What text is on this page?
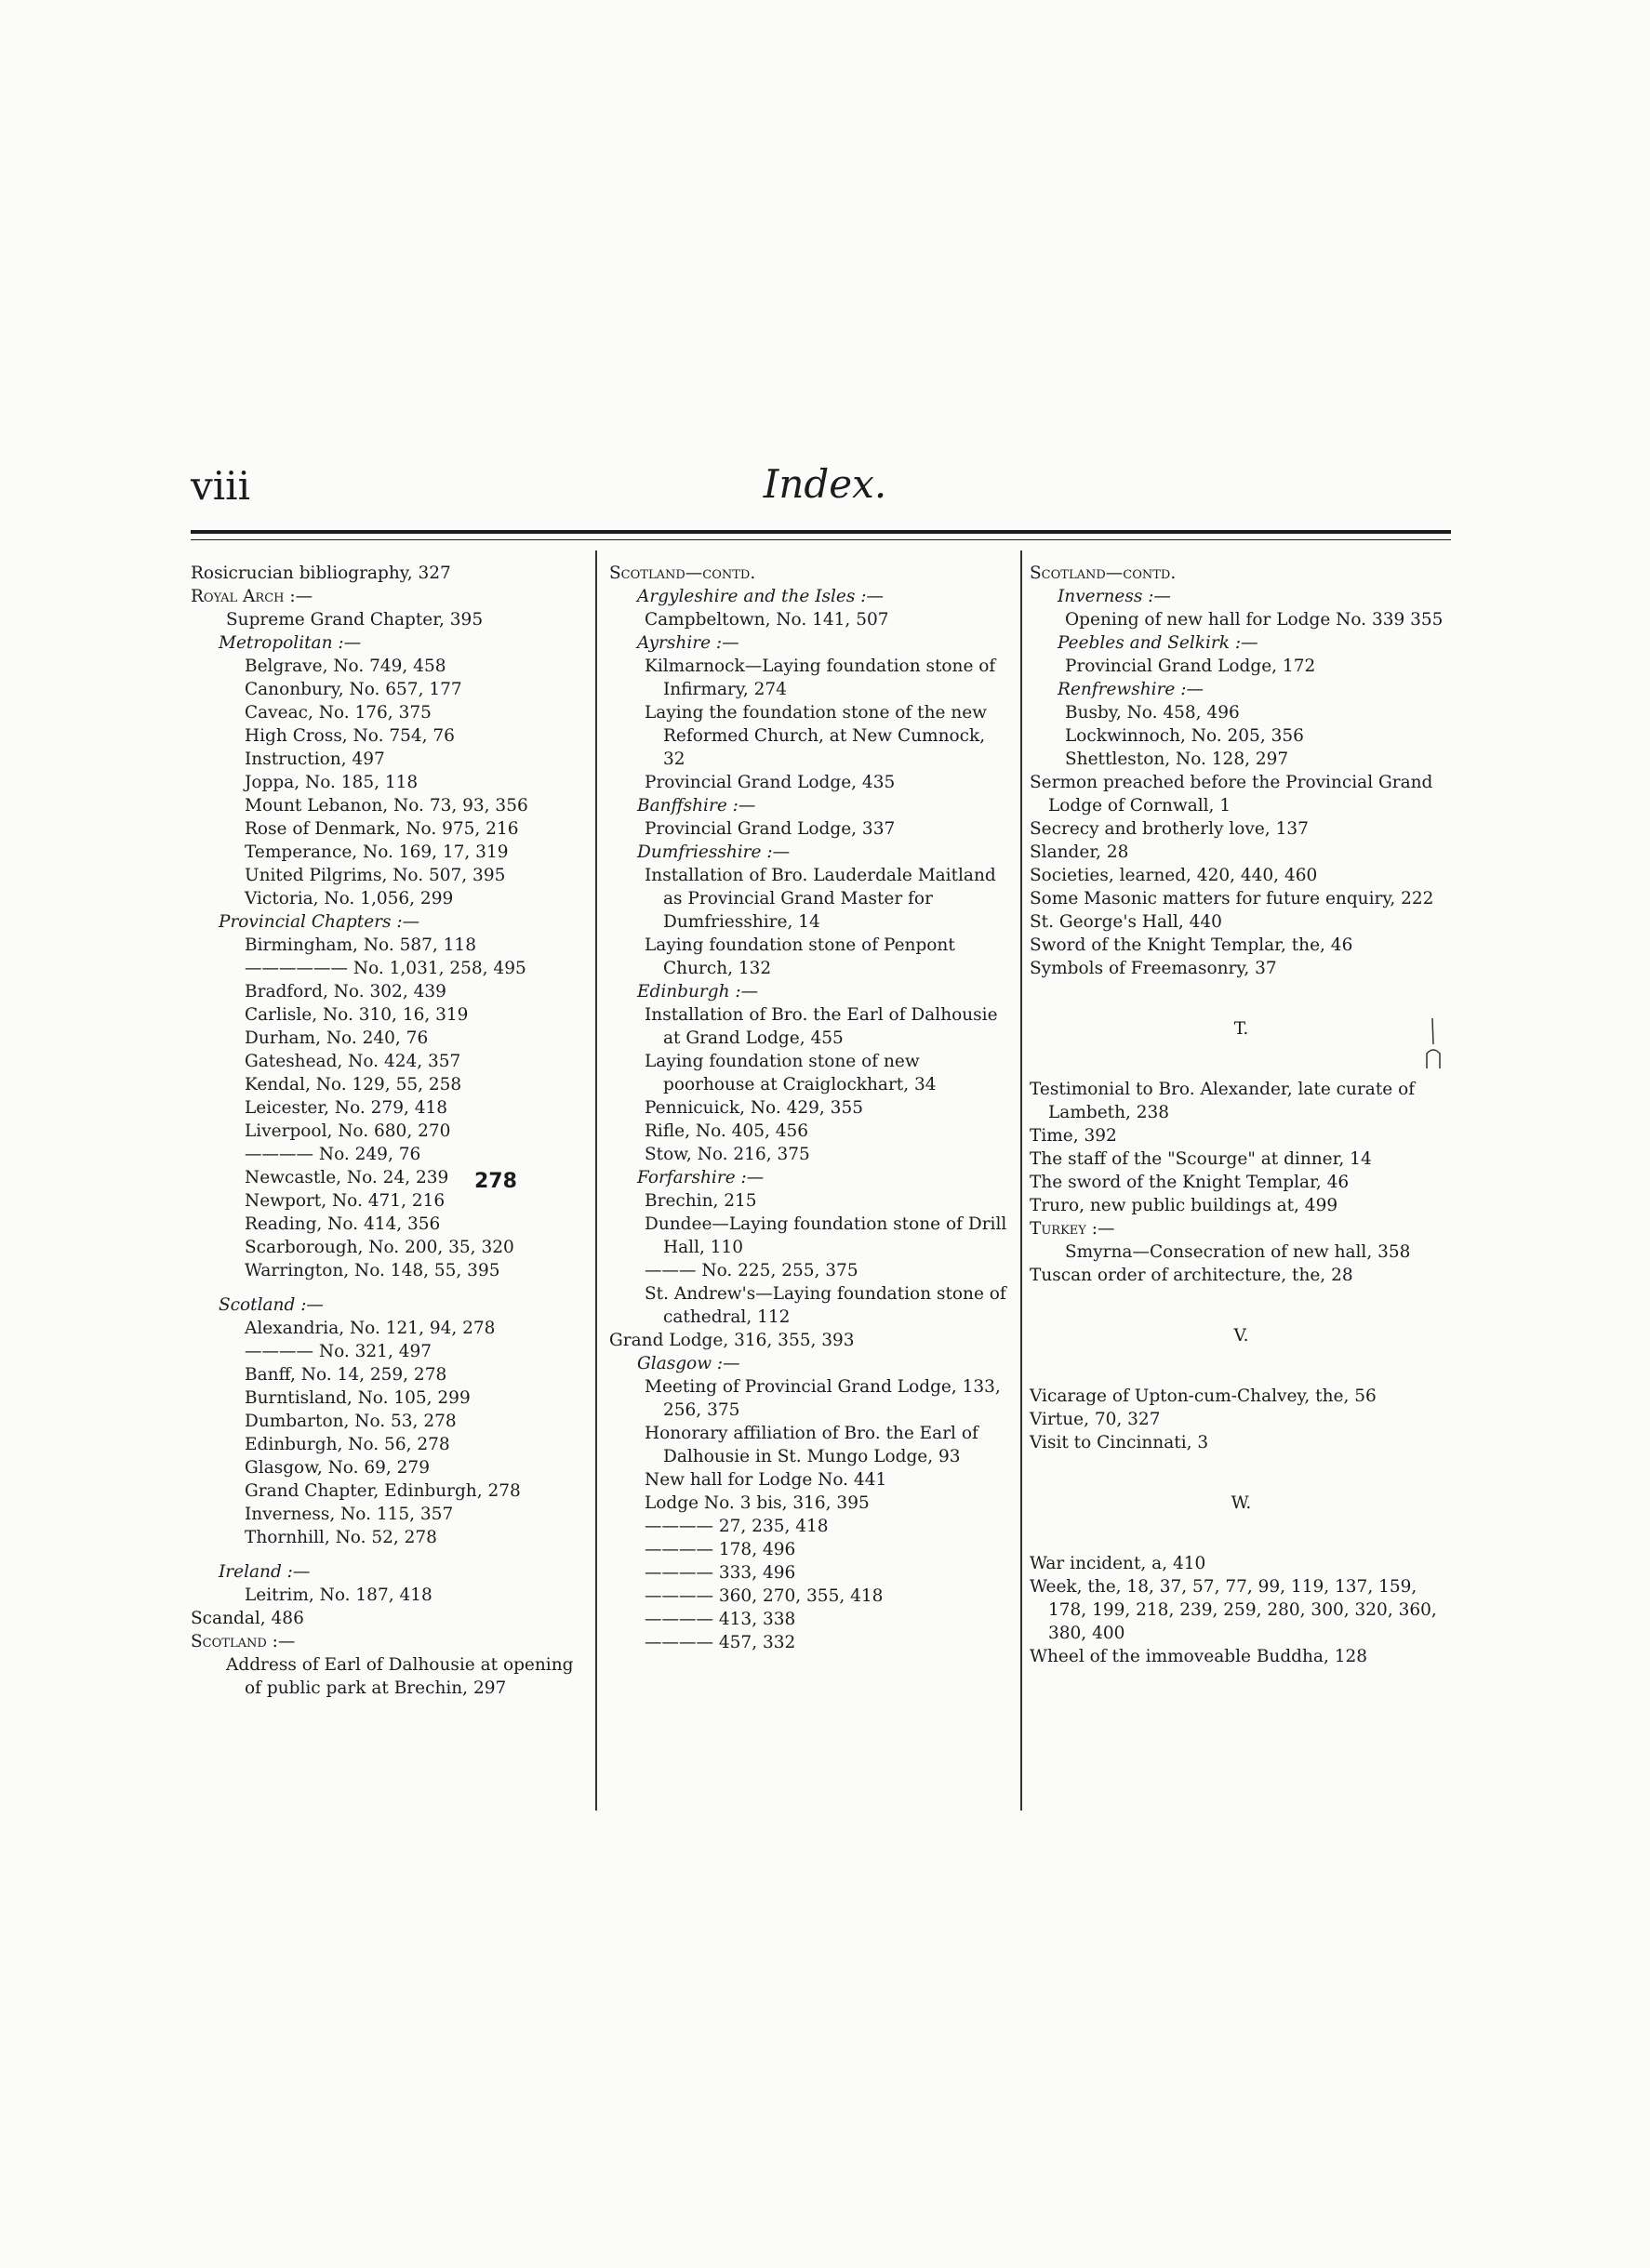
viii	Index.
Rosicrucian bibliography, 327
Royal Arch :—
Supreme Grand Chapter, 395
Metropolitan :—
Belgrave, No. 749, 458
Canonbury, No. 657, 177
Caveac, No. 176, 375
High Cross, No. 754, 76
Instruction, 497
Joppa, No. 185, 118
Mount Lebanon, No. 73, 93, 356
Rose of Denmark, No. 975, 216
Temperance, No. 169, 17, 319
United Pilgrims, No. 507, 395
Victoria, No. 1,056, 299
Provincial Chapters :—
Birmingham, No. 587, 118
—————— No. 1,031, 258, 495
Bradford, No. 302, 439
Carlisle, No. 310, 16, 319
Durham, No. 240, 76
Gateshead, No. 424, 357
Kendal, No. 129, 55, 258
Leicester, No. 279, 418
Liverpool, No. 680, 270
———— No. 249, 76
Newcastle, No. 24, 239
Newport, No. 471, 216
Reading, No. 414, 356
Scarborough, No. 200, 35, 320
Warrington, No. 148, 55, 395
Scotland :—
Alexandria, No. 121, 94, 278
———— No. 321, 497
Banff, No. 14, 259, 278
Burntisland, No. 105, 299
Dumbarton, No. 53, 278
Edinburgh, No. 56, 278
Glasgow, No. 69, 279
Grand Chapter, Edinburgh, 278
Inverness, No. 115, 357
Thornhill, No. 52, 278
Ireland :—
Leitrim, No. 187, 418
Scandal, 486
Scotland :—
Address of Earl of Dalhousie at opening of public park at Brechin, 297
Scotland—contd.
Argyleshire and the Isles :—
Campbeltown, No. 141, 507
Ayrshire :—
Kilmarnock—Laying foundation stone of Infirmary, 274
Laying the foundation stone of the new Reformed Church, at New Cumnock, 32
Provincial Grand Lodge, 435
Banffshire :—
Provincial Grand Lodge, 337
Dumfriesshire :—
Installation of Bro. Lauderdale Maitland as Provincial Grand Master for Dumfriesshire, 14
Laying foundation stone of Penpont Church, 132
Edinburgh :—
Installation of Bro. the Earl of Dalhousie at Grand Lodge, 455
Laying foundation stone of new poorhouse at Craiglockhart, 34
Pennicuick, No. 429, 355
Rifle, No. 405, 456
Stow, No. 216, 375
Forfarshire :—
Brechin, 215
Dundee—Laying foundation stone of Drill Hall, 110
——— No. 225, 255, 375
St. Andrew's—Laying foundation stone of cathedral, 112
Grand Lodge, 316, 355, 393
Glasgow :—
Meeting of Provincial Grand Lodge, 133, 256, 375
Honorary affiliation of Bro. the Earl of Dalhousie in St. Mungo Lodge, 93
New hall for Lodge No. 441
Lodge No. 3 bis, 316, 395
———— 27, 235, 418
———— 178, 496
———— 333, 496
———— 360, 270, 355, 418
———— 413, 338
———— 457, 332
Scotland—contd.
Inverness :—
Opening of new hall for Lodge No. 339 355
Peebles and Selkirk :—
Provincial Grand Lodge, 172
Renfrewshire :—
Busby, No. 458, 496
Lockwinnoch, No. 205, 356
Shettleston, No. 128, 297
Sermon preached before the Provincial Grand Lodge of Cornwall, 1
Secrecy and brotherly love, 137
Slander, 28
Societies, learned, 420, 440, 460
Some Masonic matters for future enquiry, 222
St. George's Hall, 440
Sword of the Knight Templar, the, 46
Symbols of Freemasonry, 37
T.
Testimonial to Bro. Alexander, late curate of Lambeth, 238
Time, 392
The staff of the "Scourge" at dinner, 14
The sword of the Knight Templar, 46
Truro, new public buildings at, 499
Turkey :—
Smyrna—Consecration of new hall, 358
Tuscan order of architecture, the, 28
V.
Vicarage of Upton-cum-Chalvey, the, 56
Virtue, 70, 327
Visit to Cincinnati, 3
W.
War incident, a, 410
Week, the, 18, 37, 57, 77, 99, 119, 137, 159, 178, 199, 218, 239, 259, 280, 300, 320, 360, 380, 400
Wheel of the immoveable Buddha, 128
278
